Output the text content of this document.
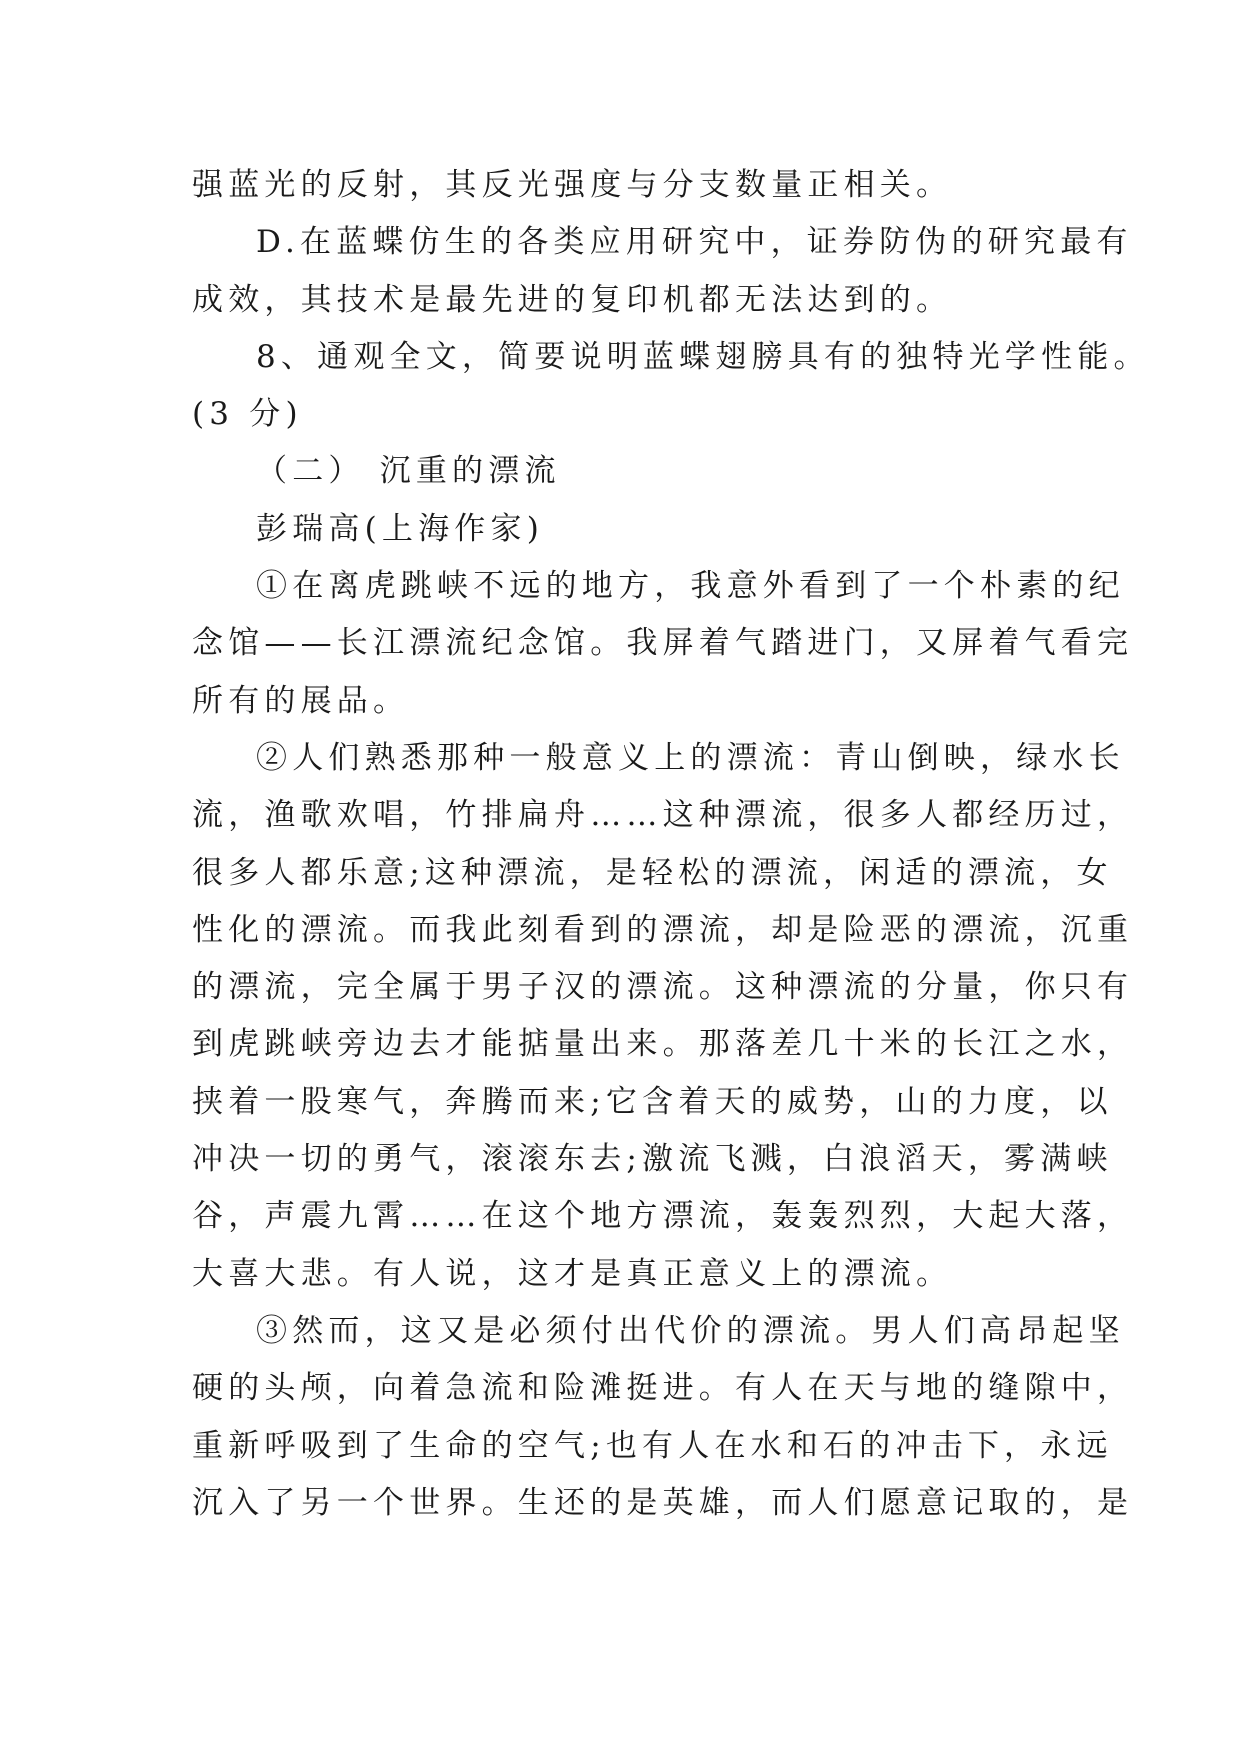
强蓝光的反射，其反光强度与分支数量正相关。
D.在蓝蝶仿生的各类应用研究中，证券防伪的研究最有
成效，其技术是最先进的复印机都无法达到的。
8、通观全文，简要说明蓝蝶翅膀具有的独特光学性能。
(3 分)
（二） 沉重的漂流
彭瑞高(上海作家)
①在离虎跳峡不远的地方，我意外看到了一个朴素的纪
念馆——长江漂流纪念馆。我屏着气踏进门，又屏着气看完
所有的展品。
②人们熟悉那种一般意义上的漂流：青山倒映，绿水长
流，渔歌欢唱，竹排扁舟……这种漂流，很多人都经历过，
很多人都乐意;这种漂流，是轻松的漂流，闲适的漂流，女
性化的漂流。而我此刻看到的漂流，却是险恶的漂流，沉重
的漂流，完全属于男子汉的漂流。这种漂流的分量，你只有
到虎跳峡旁边去才能掂量出来。那落差几十米的长江之水，
挟着一股寒气，奔腾而来;它含着天的威势，山的力度，以
冲决一切的勇气，滚滚东去;激流飞溅，白浪滔天，雾满峡
谷，声震九霄……在这个地方漂流，轰轰烈烈，大起大落，
大喜大悲。有人说，这才是真正意义上的漂流。
③然而，这又是必须付出代价的漂流。男人们高昂起坚
硬的头颅，向着急流和险滩挺进。有人在天与地的缝隙中，
重新呼吸到了生命的空气;也有人在水和石的冲击下，永远
沉入了另一个世界。生还的是英雄，而人们愿意记取的，是
